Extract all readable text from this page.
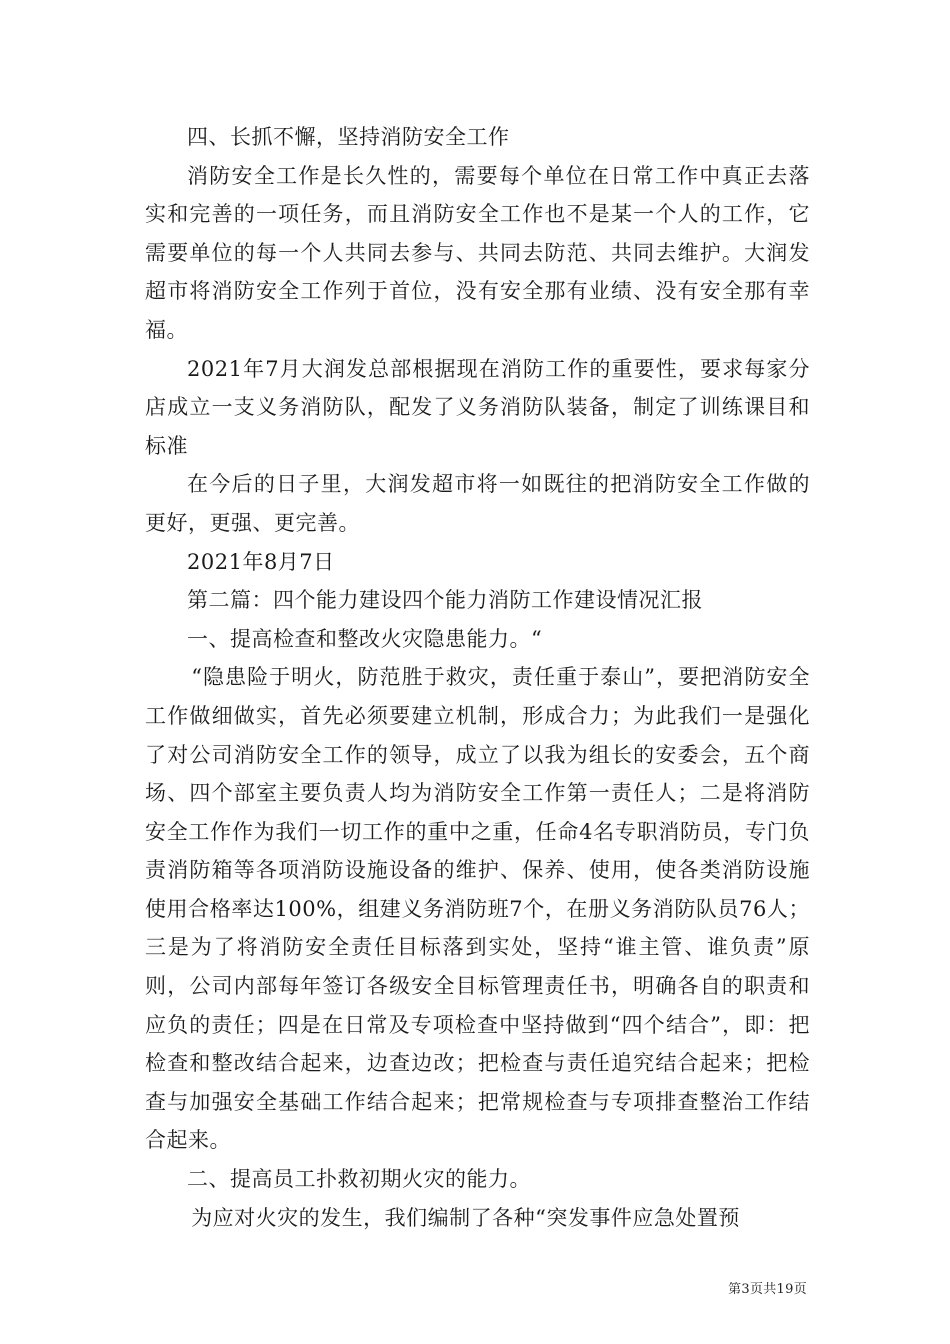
四、长抓不懈，坚持消防安全工作

消防安全工作是长久性的，需要每个单位在日常工作中真正去落实和完善的一项任务，而且消防安全工作也不是某一个人的工作，它需要单位的每一个人共同去参与、共同去防范、共同去维护。大润发超市将消防安全工作列于首位，没有安全那有业绩、没有安全那有幸福。

2021年7月大润发总部根据现在消防工作的重要性，要求每家分店成立一支义务消防队，配发了义务消防队装备，制定了训练课目和标准

在今后的日子里，大润发超市将一如既往的把消防安全工作做的更好，更强、更完善。

2021年8月7日

第二篇：四个能力建设四个能力消防工作建设情况汇报

一、提高检查和整改火灾隐患能力。“

“隐患险于明火，防范胜于救灾，责任重于泰山”，要把消防安全工作做细做实，首先必须要建立机制，形成合力；为此我们一是强化了对公司消防安全工作的领导，成立了以我为组长的安委会，五个商场、四个部室主要负责人均为消防安全工作第一责任人；二是将消防安全工作作为我们一切工作的重中之重，任命4名专职消防员，专门负责消防箱等各项消防设施设备的维护、保养、使用，使各类消防设施使用合格率达100%，组建义务消防班7个，在册义务消防队员76人；三是为了将消防安全责任目标落到实处，坚持“谁主管、谁负责”原则，公司内部每年签订各级安全目标管理责任书，明确各自的职责和应负的责任；四是在日常及专项检查中坚持做到“四个结合”，即：把检查和整改结合起来，边查边改；把检查与责任追究结合起来；把检查与加强安全基础工作结合起来；把常规检查与专项排查整治工作结合起来。

二、提高员工扑救初期火灾的能力。

为应对火灾的发生，我们编制了各种“突发事件应急处置预

第3页共19页
